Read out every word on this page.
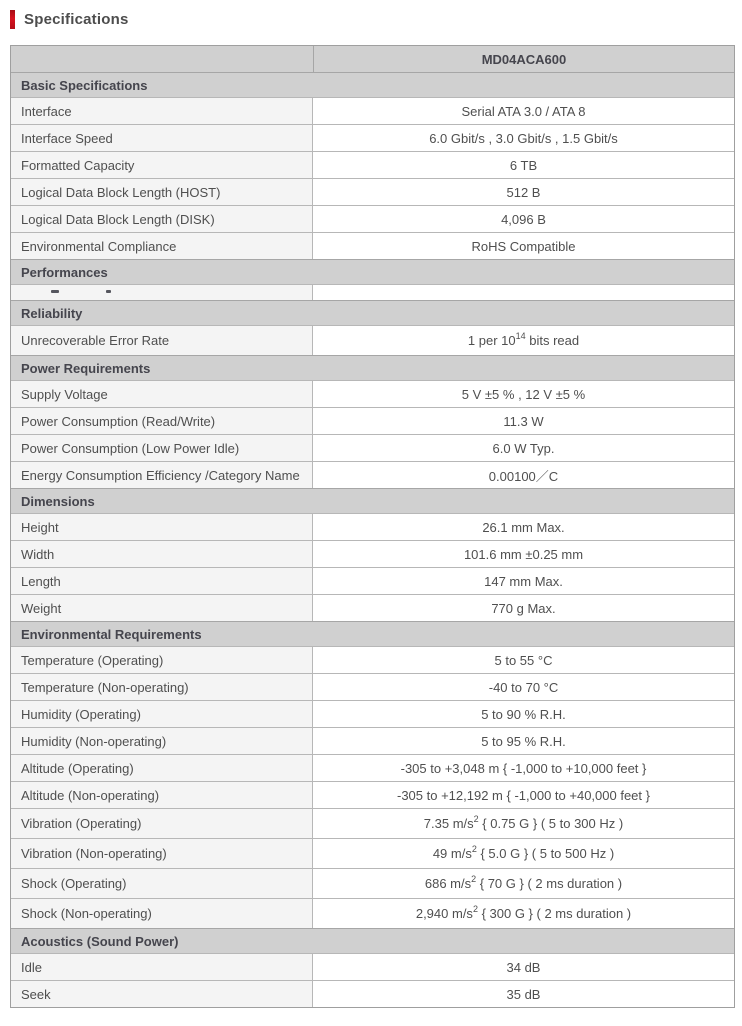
Specifications
MD04ACA600
Basic Specifications
Interface	Serial ATA 3.0 / ATA 8
Interface Speed	6.0 Gbit/s , 3.0 Gbit/s , 1.5 Gbit/s
Formatted Capacity	6 TB
Logical Data Block Length (HOST)	512 B
Logical Data Block Length (DISK)	4,096 B
Environmental Compliance	RoHS Compatible
Performances
Reliability
Unrecoverable Error Rate	1 per $10^{14}$ bits read
Power Requirements
Supply Voltage	5 V ±5 % , 12 V ±5 %
Power Consumption (Read/Write)	11.3 W
Power Consumption (Low Power Idle)	6.0 W Typ.
Energy Consumption Efficiency /Category Name	0.00100／C
Dimensions
Height	26.1 mm Max.
Width	101.6 mm ±0.25 mm
Length	147 mm Max.
Weight	770 g Max.
Environmental Requirements
Temperature (Operating)	5 to 55 °C
Temperature (Non-operating)	-40 to 70 °C
Humidity (Operating)	5 to 90 % R.H.
Humidity (Non-operating)	5 to 95 % R.H.
Altitude (Operating)	-305 to +3,048 m { -1,000 to +10,000 feet }
Altitude (Non-operating)	-305 to +12,192 m { -1,000 to +40,000 feet }
Vibration (Operating)	7.35 $m/s^2$ { 0.75 G } ( 5 to 300 Hz )
Vibration (Non-operating)	49 $m/s^2$ { 5.0 G } ( 5 to 500 Hz )
Shock (Operating)	686 $m/s^2$ { 70 G } ( 2 ms duration )
Shock (Non-operating)	2,940 $m/s^2$ { 300 G } ( 2 ms duration )
Acoustics (Sound Power)
Idle	34 dB
Seek	35 dB
